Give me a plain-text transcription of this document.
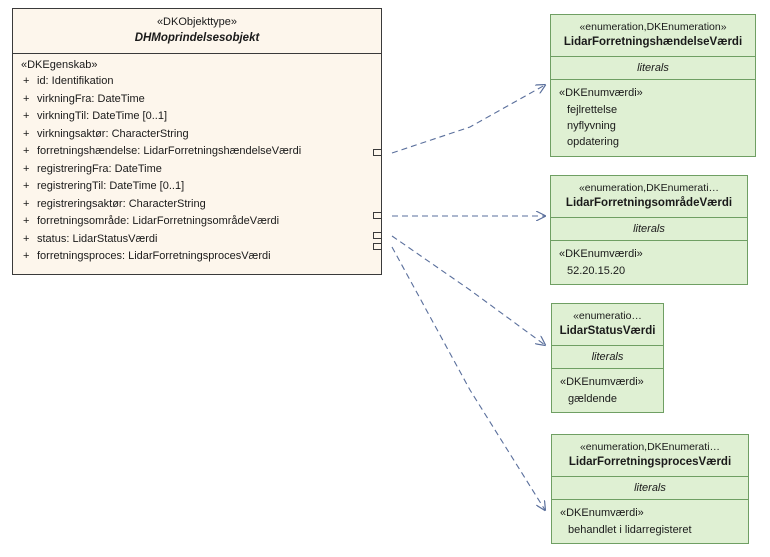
«DKObjekttype»
DHMoprindelsesobjekt
«DKEgenskab»
+ id: Identifikation
+ virkningFra: DateTime
+ virkningTil: DateTime [0..1]
+ virkningsaktør: CharacterString
+ forretningshændelse: LidarForretningshændelseVærdi
+ registreringFra: DateTime
+ registreringTil: DateTime [0..1]
+ registreringsaktør: CharacterString
+ forretningsområde: LidarForretningsområdeVærdi
+ status: LidarStatusVærdi
+ forretningsproces: LidarForretningsprocesVærdi
«enumeration,DKEnumeration»
LidarForretningshændelseVærdi
literals
«DKEnumværdi»
fejlrettelse
nyflyvning
opdatering
«enumeration,DKEnumerati…
LidarForretningsområdeVærdi
literals
«DKEnumværdi»
52.20.15.20
«enumeratio…
LidarStatusVærdi
literals
«DKEnumværdi»
gældende
«enumeration,DKEnumerati…
LidarForretningsprocesVærdi
literals
«DKEnumværdi»
behandlet i lidarregisteret
